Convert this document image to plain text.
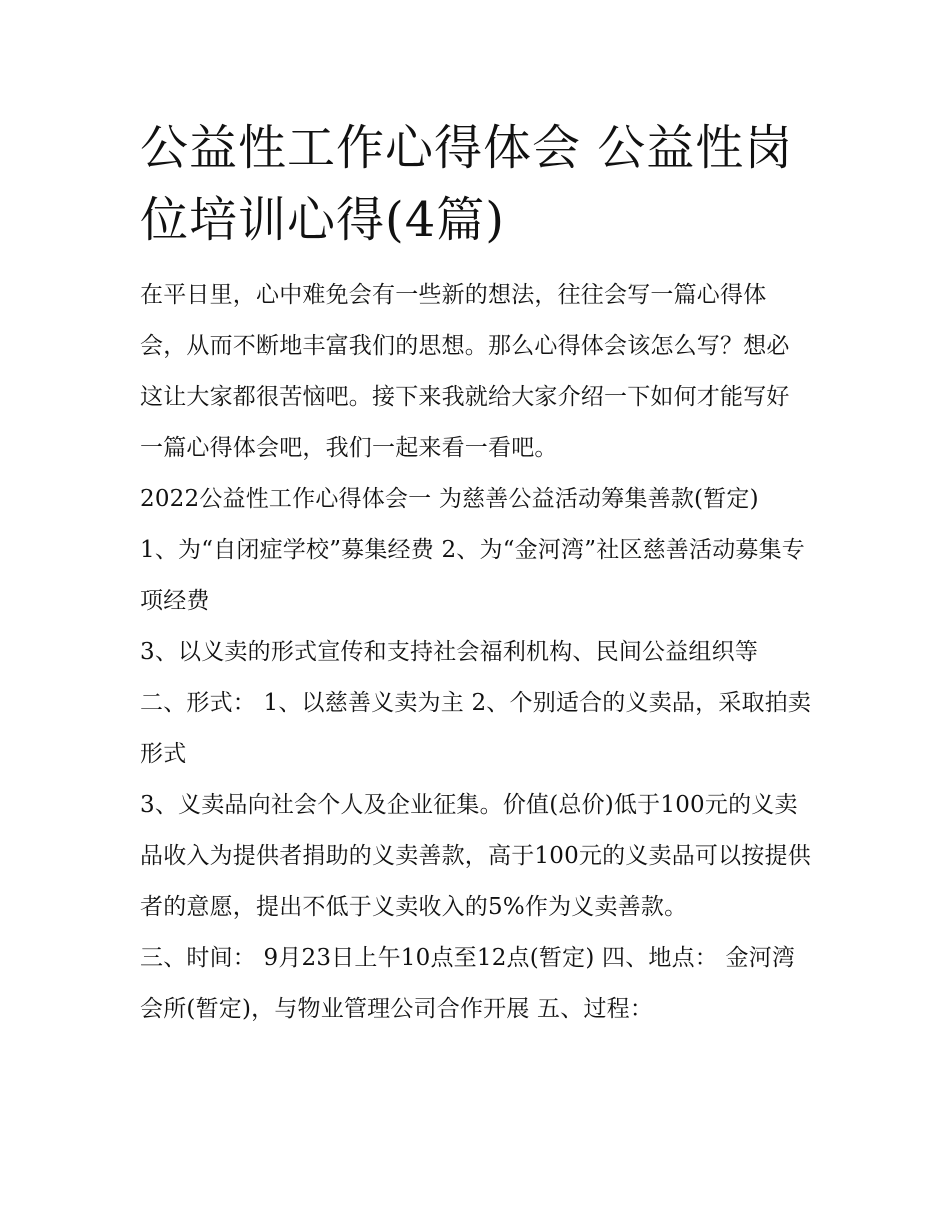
公益性工作心得体会 公益性岗位培训心得(4篇)

在平日里，心中难免会有一些新的想法，往往会写一篇心得体会，从而不断地丰富我们的思想。那么心得体会该怎么写？想必这让大家都很苦恼吧。接下来我就给大家介绍一下如何才能写好一篇心得体会吧，我们一起来看一看吧。

2022公益性工作心得体会一 为慈善公益活动筹集善款(暂定)

1、为“自闭症学校”募集经费 2、为“金河湾”社区慈善活动募集专项经费

3、以义卖的形式宣传和支持社会福利机构、民间公益组织等

二、形式： 1、以慈善义卖为主 2、个别适合的义卖品，采取拍卖形式

3、义卖品向社会个人及企业征集。价值(总价)低于100元的义卖品收入为提供者捐助的义卖善款，高于100元的义卖品可以按提供者的意愿，提出不低于义卖收入的5%作为义卖善款。

三、时间： 9月23日上午10点至12点(暂定) 四、地点： 金河湾会所(暂定)，与物业管理公司合作开展 五、过程：
